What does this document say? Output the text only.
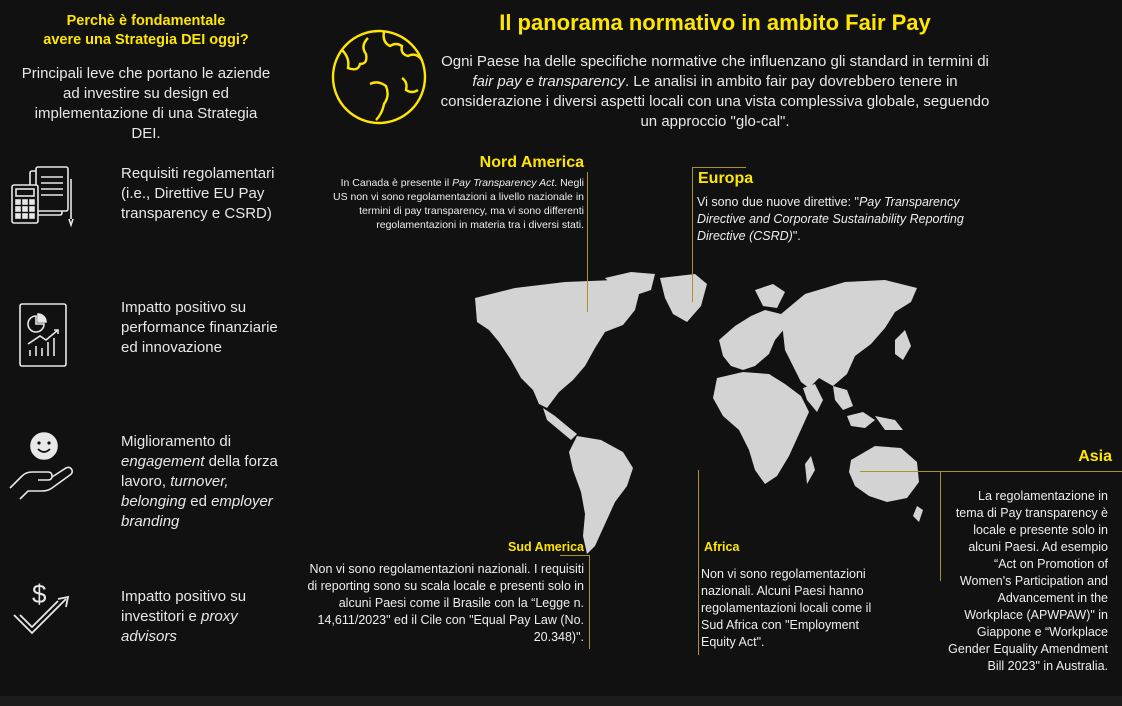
Perchè è fondamentale
avere una Strategia DEI oggi?
Principali leve che portano le aziende ad investire su design ed implementazione di una Strategia DEI.
Requisiti regolamentari (i.e., Direttive EU Pay transparency e CSRD)
Impatto positivo su performance finanziarie ed innovazione
Miglioramento di engagement della forza lavoro, turnover, belonging ed employer branding
$	Impatto positivo su investitori e proxy advisors
Il panorama normativo in ambito Fair Pay
Ogni Paese ha delle specifiche normative che influenzano gli standard in termini di fair pay e transparency. Le analisi in ambito fair pay dovrebbero tenere in considerazione i diversi aspetti locali con una vista complessiva globale, seguendo un approccio "glo-cal".
Nord America
In Canada è presente il Pay Transparency Act. Negli US non vi sono regolamentazioni a livello nazionale in termini di pay transparency, ma vi sono differenti regolamentazioni in materia tra i diversi stati.
Europa
Vi sono due nuove direttive: "Pay Transparency Directive and Corporate Sustainability Reporting Directive (CSRD)".
Asia
La regolamentazione in tema di Pay transparency è locale e presente solo in alcuni Paesi. Ad esempio “Act on Promotion of Women's Participation and Advancement in the Workplace (APWPAW)" in Giappone e “Workplace Gender Equality Amendment Bill 2023" in Australia.
Sud America
Non vi sono regolamentazioni nazionali. I requisiti di reporting sono su scala locale e presenti solo in alcuni Paesi come il Brasile con la “Legge n. 14,611/2023" ed il Cile con "Equal Pay Law (No. 20.348)".
Africa
Non vi sono regolamentazioni nazionali. Alcuni Paesi hanno regolamentazioni locali come il Sud Africa con "Employment Equity Act".
